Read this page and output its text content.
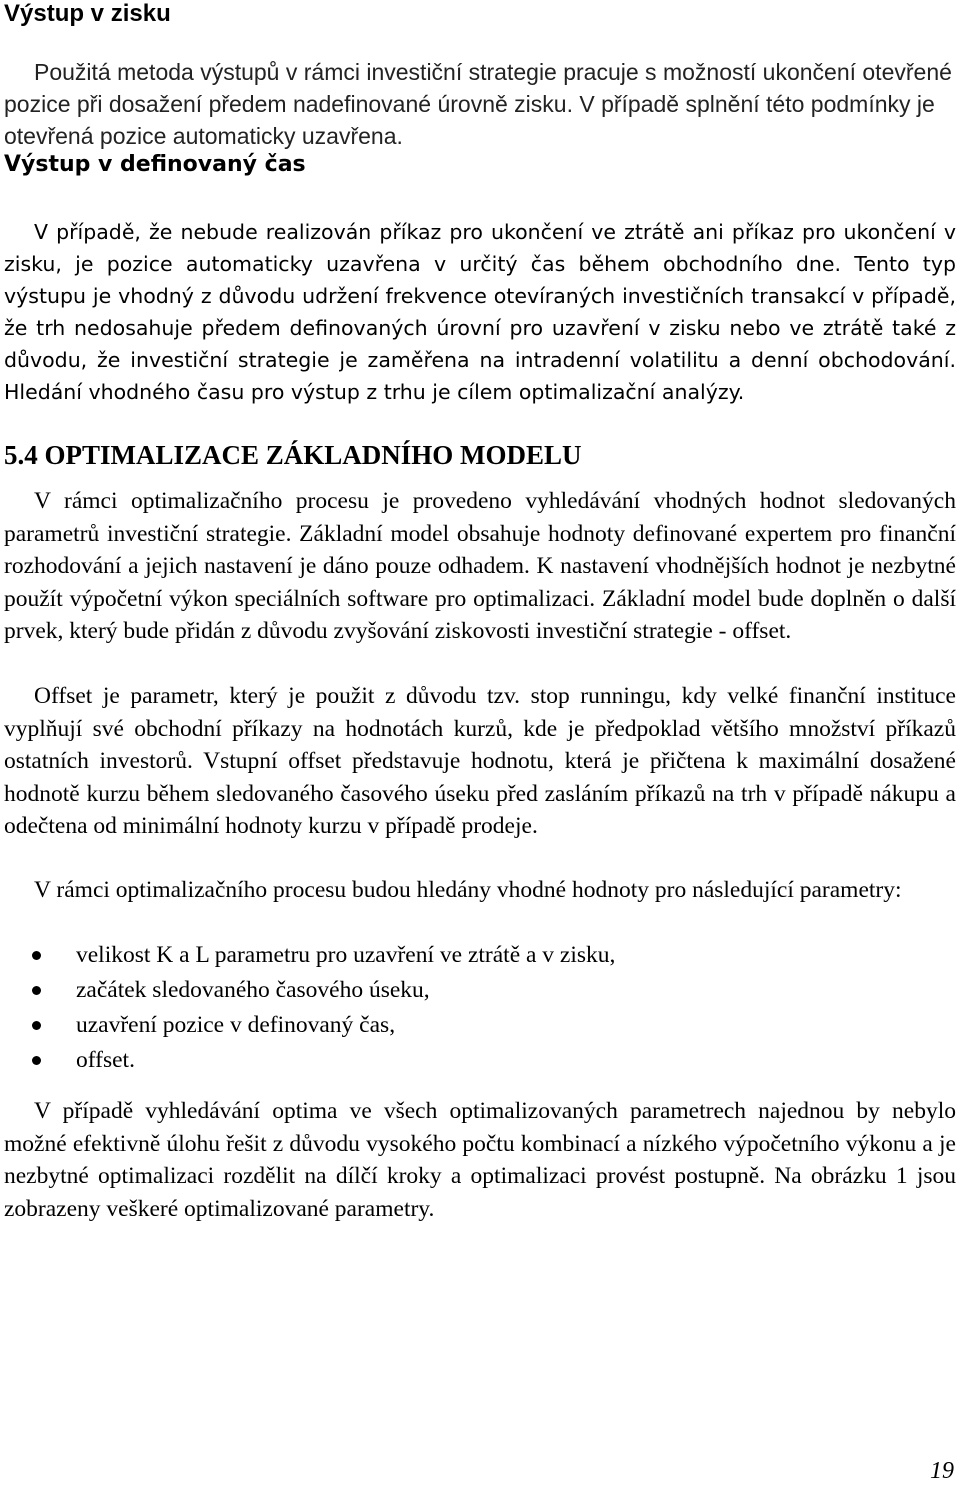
Výstup v zisku
Použitá metoda výstupů v rámci investiční strategie pracuje s možností ukončení otevřené pozice při dosažení předem nadefinované úrovně zisku. V případě splnění této podmínky je otevřená pozice automaticky uzavřena.
Výstup v definovaný čas
V případě, že nebude realizován příkaz pro ukončení ve ztrátě ani příkaz pro ukončení v zisku, je pozice automaticky uzavřena v určitý čas během obchodního dne. Tento typ výstupu je vhodný z důvodu udržení frekvence otevíraných investičních transakcí v případě, že trh nedosahuje předem definovaných úrovní pro uzavření v zisku nebo ve ztrátě také z důvodu, že investiční strategie je zaměřena na intradenní volatilitu a denní obchodování. Hledání vhodného času pro výstup z trhu je cílem optimalizační analýzy.
5.4 OPTIMALIZACE ZÁKLADNÍHO MODELU
V rámci optimalizačního procesu je provedeno vyhledávání vhodných hodnot sledovaných parametrů investiční strategie. Základní model obsahuje hodnoty definované expertem pro finanční rozhodování a jejich nastavení je dáno pouze odhadem. K nastavení vhodnějších hodnot je nezbytné použít výpočetní výkon speciálních software pro optimalizaci. Základní model bude doplněn o další prvek, který bude přidán z důvodu zvyšování ziskovosti investiční strategie - offset.
Offset je parametr, který je použit z důvodu tzv. stop runningu, kdy velké finanční instituce vyplňují své obchodní příkazy na hodnotách kurzů, kde je předpoklad většího množství příkazů ostatních investorů. Vstupní offset představuje hodnotu, která je přičtena k maximální dosažené hodnotě kurzu během sledovaného časového úseku před zasláním příkazů na trh v případě nákupu a odečtena od minimální hodnoty kurzu v případě prodeje.
V rámci optimalizačního procesu budou hledány vhodné hodnoty pro následující parametry:
velikost K a L parametru pro uzavření ve ztrátě a v zisku,
začátek sledovaného časového úseku,
uzavření pozice v definovaný čas,
offset.
V případě vyhledávání optima ve všech optimalizovaných parametrech najednou by nebylo možné efektivně úlohu řešit z důvodu vysokého počtu kombinací a nízkého výpočetního výkonu a je nezbytné optimalizaci rozdělit na dílčí kroky a optimalizaci provést postupně. Na obrázku 1 jsou zobrazeny veškeré optimalizované parametry.
19
